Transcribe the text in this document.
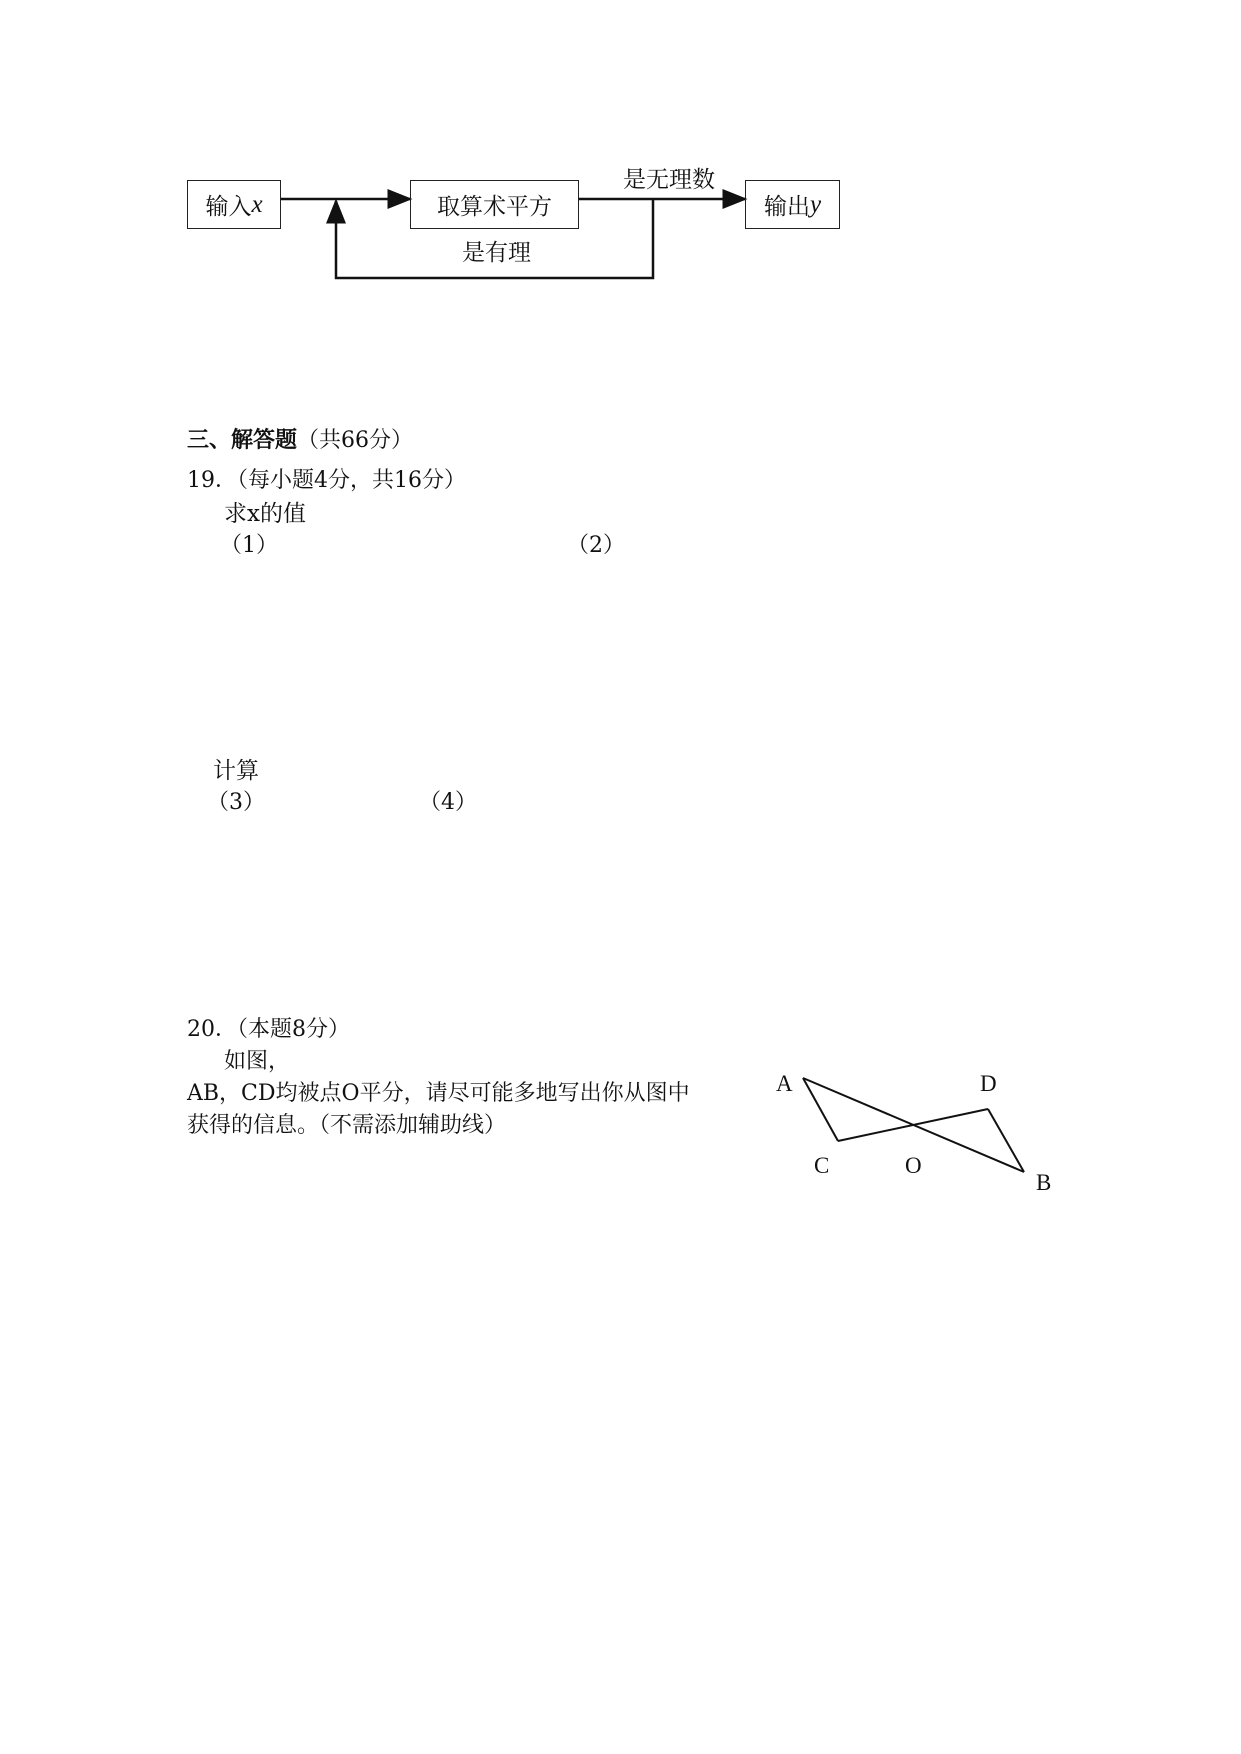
输入 x	取算术平方	输出 y
是无理数
是有理
三、解答题（共66分）
19．（每小题4分，共16分）
求x的值
（1）	（2）
计算
（3）	（4）
20．（本题8分）
如图，
AB，CD均被点O平分，请尽可能多地写出你从图中
获得的信息。（不需添加辅助线）
A	D
C	O
B
